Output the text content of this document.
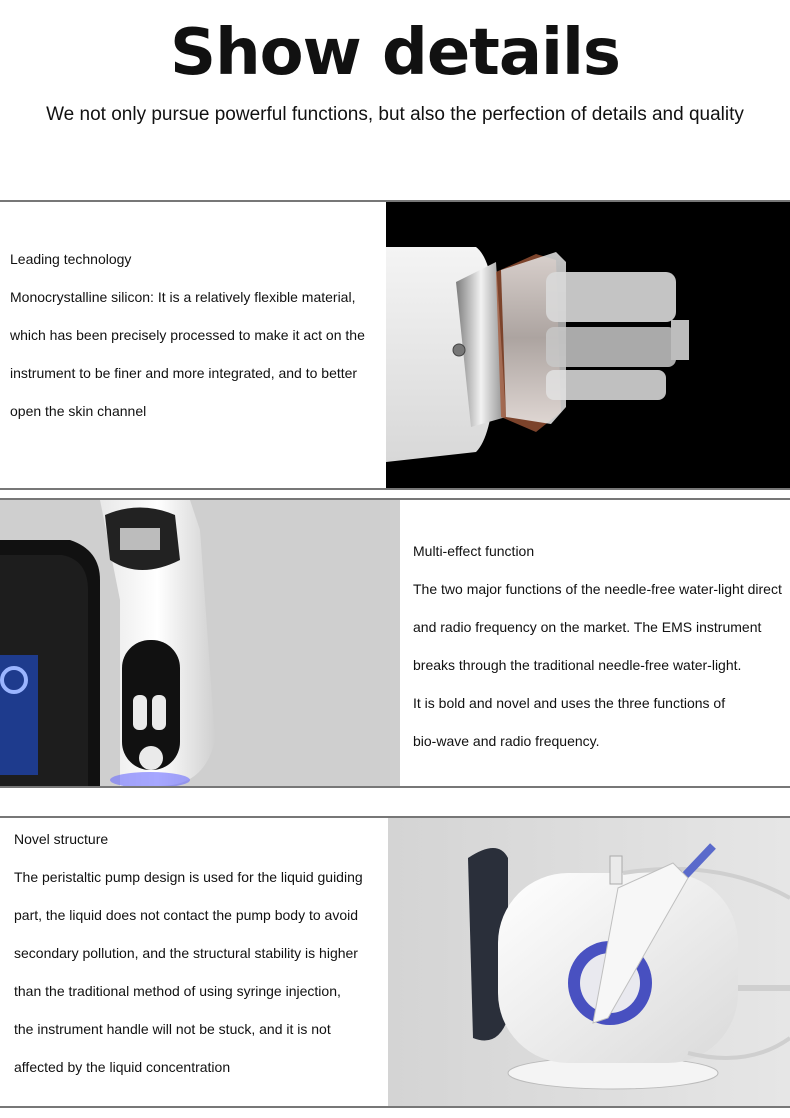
Show details
We not only pursue powerful functions, but also the perfection of details and quality

Leading technology

Monocrystalline silicon: It is a relatively flexible material,

which has been precisely processed to make it act on the

instrument to be finer and more integrated, and to better

open the skin channel

Multi-effect function

The two major functions of the needle-free water-light direct

and radio frequency on the market. The EMS instrument

breaks through the traditional needle-free water-light.

It is bold and novel and uses the three functions of

bio-wave and radio frequency.

Novel structure

The peristaltic pump design is used for the liquid guiding

part, the liquid does not contact the pump body to avoid

secondary pollution, and the structural stability is higher

than the traditional method of using syringe injection,

the instrument handle will not be stuck, and it is not

affected by the liquid concentration
